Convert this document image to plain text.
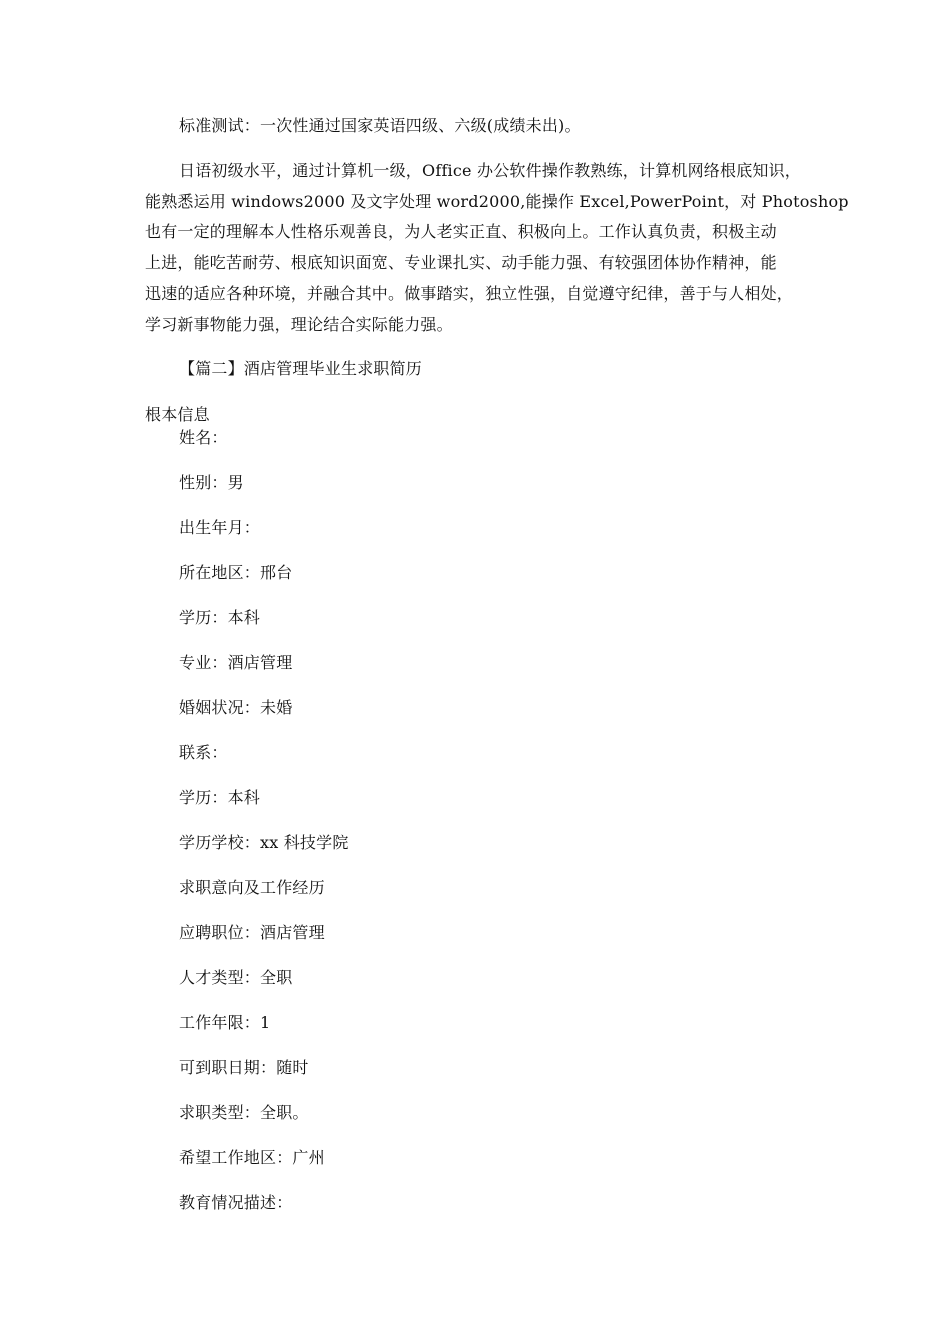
标准测试：一次性通过国家英语四级、六级(成绩未出)。
日语初级水平，通过计算机一级，Office 办公软件操作教熟练，计算机网络根底知识，
能熟悉运用 windows2000 及文字处理 word2000,能操作 Excel,PowerPoint，对 Photoshop
也有一定的理解本人性格乐观善良，为人老实正直、积极向上。工作认真负责，积极主动
上进，能吃苦耐劳、根底知识面宽、专业课扎实、动手能力强、有较强团体协作精神，能
迅速的适应各种环境，并融合其中。做事踏实，独立性强，自觉遵守纪律，善于与人相处，
学习新事物能力强，理论结合实际能力强。
【篇二】酒店管理毕业生求职简历
根本信息
姓名：
性别：男
出生年月：
所在地区：邢台
学历：本科
专业：酒店管理
婚姻状况：未婚
联系：
学历：本科
学历学校：xx 科技学院
求职意向及工作经历
应聘职位：酒店管理
人才类型：全职
工作年限：1
可到职日期：随时
求职类型：全职。
希望工作地区：广州
教育情况描述：
